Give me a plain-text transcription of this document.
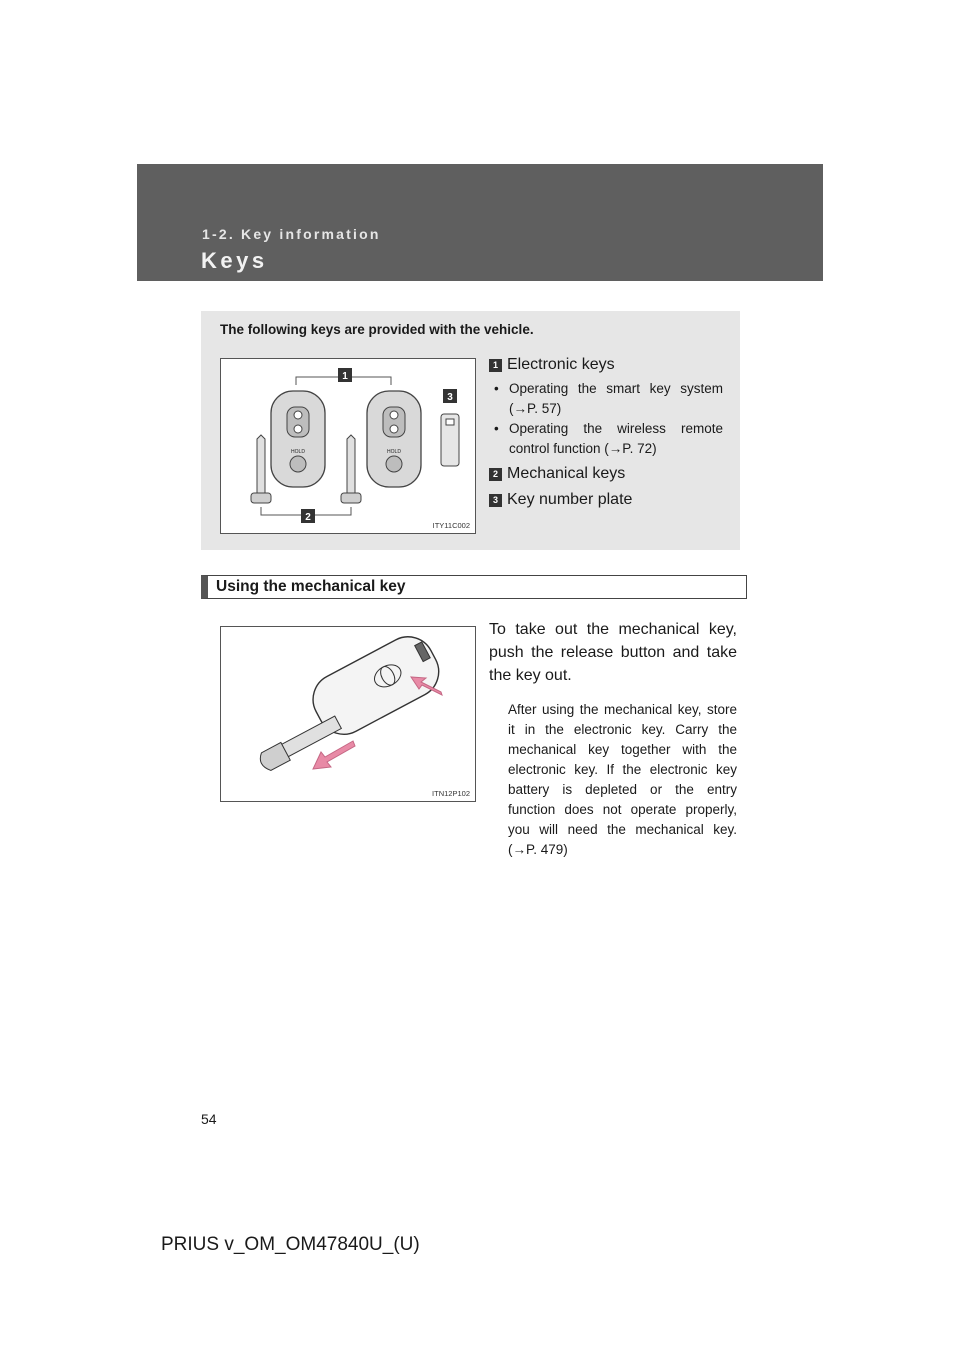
1-2. Key information
Keys
The following keys are provided with the vehicle.
1
HOLD	HOLD
2
3
ITY11C002
1 Electronic keys
• Operating the smart key system (→P. 57)
• Operating the wireless remote control function (→P. 72)
2 Mechanical keys
3 Key number plate
Using the mechanical key
ITN12P102
To take out the mechanical key, push the release button and take the key out.
After using the mechanical key, store it in the electronic key. Carry the mechanical key together with the electronic key. If the electronic key battery is depleted or the entry function does not operate properly, you will need the mechanical key. (→P. 479)
54
PRIUS v_OM_OM47840U_(U)
